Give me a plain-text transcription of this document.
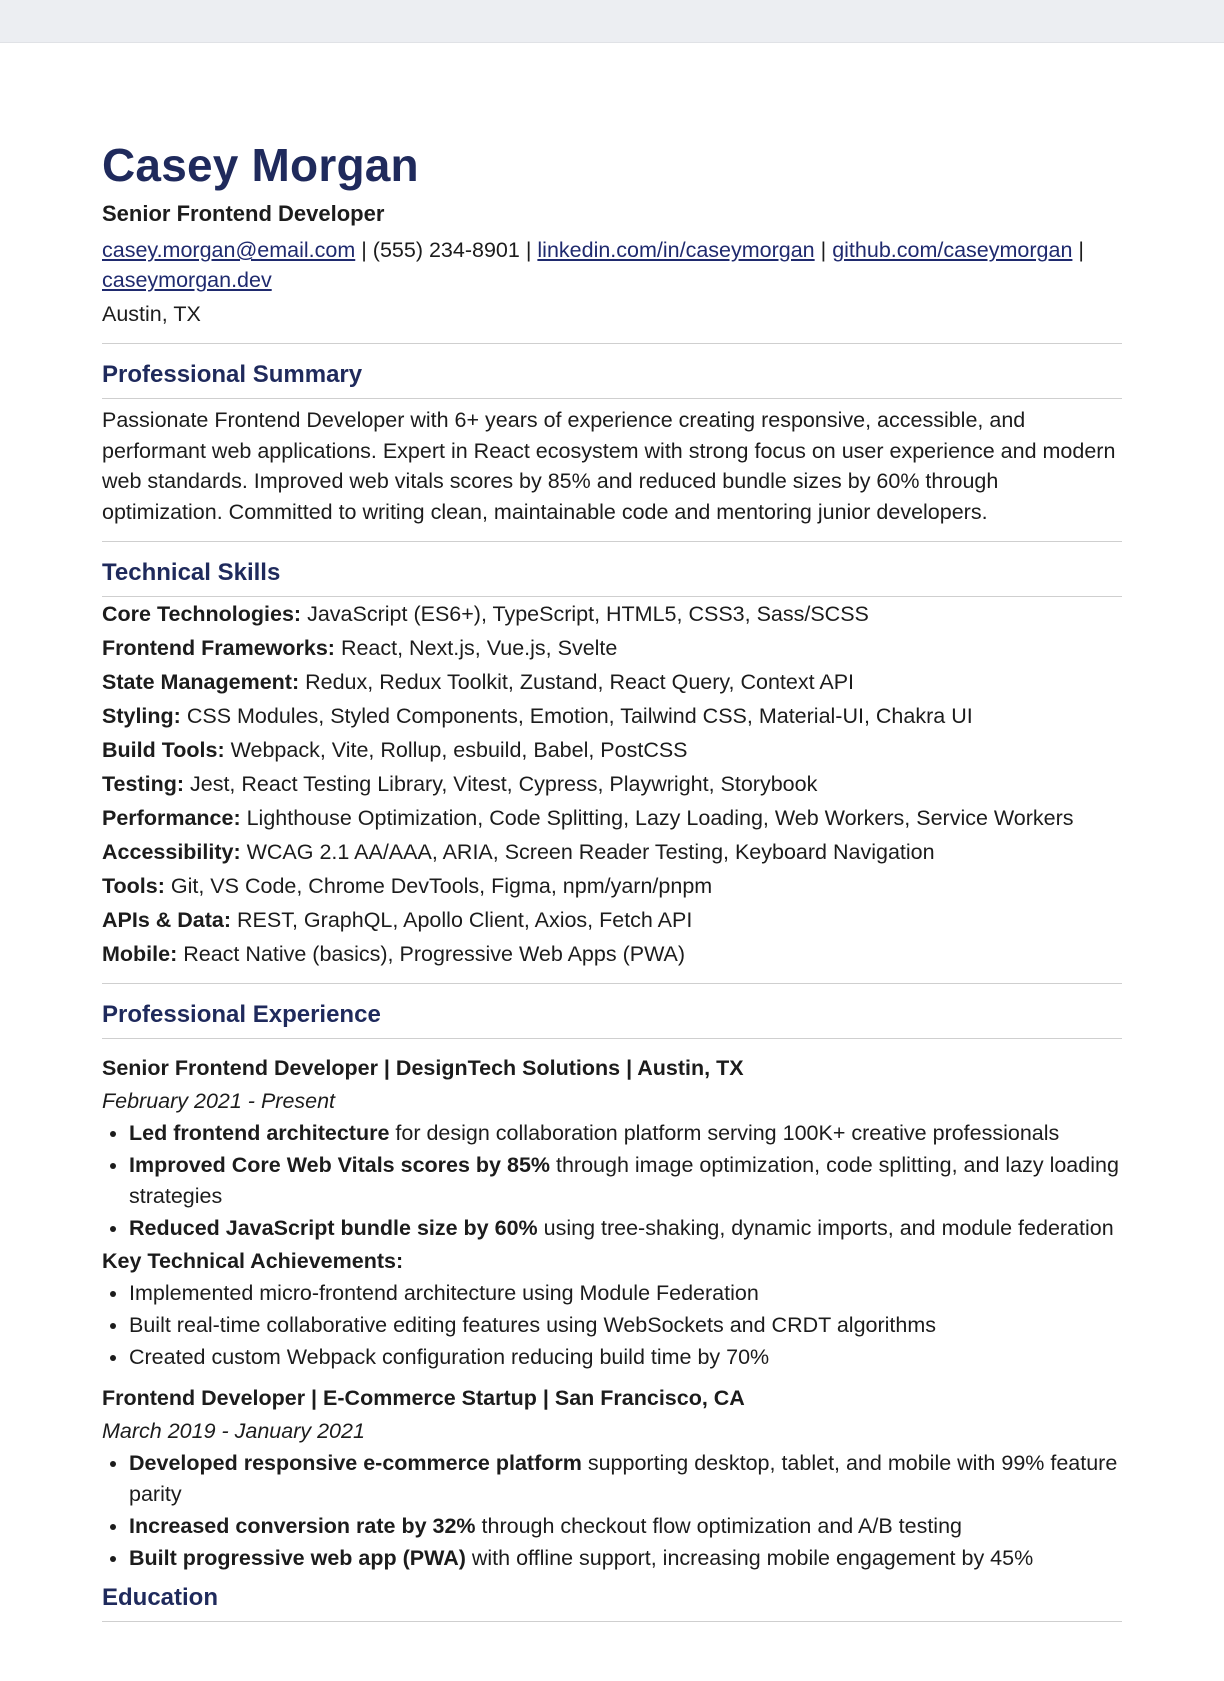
Casey Morgan
Senior Frontend Developer
casey.morgan@email.com | (555) 234-8901 | linkedin.com/in/caseymorgan | github.com/caseymorgan | caseymorgan.dev
Austin, TX
Professional Summary
Passionate Frontend Developer with 6+ years of experience creating responsive, accessible, and performant web applications. Expert in React ecosystem with strong focus on user experience and modern web standards. Improved web vitals scores by 85% and reduced bundle sizes by 60% through optimization. Committed to writing clean, maintainable code and mentoring junior developers.
Technical Skills
Core Technologies: JavaScript (ES6+), TypeScript, HTML5, CSS3, Sass/SCSS
Frontend Frameworks: React, Next.js, Vue.js, Svelte
State Management: Redux, Redux Toolkit, Zustand, React Query, Context API
Styling: CSS Modules, Styled Components, Emotion, Tailwind CSS, Material-UI, Chakra UI
Build Tools: Webpack, Vite, Rollup, esbuild, Babel, PostCSS
Testing: Jest, React Testing Library, Vitest, Cypress, Playwright, Storybook
Performance: Lighthouse Optimization, Code Splitting, Lazy Loading, Web Workers, Service Workers
Accessibility: WCAG 2.1 AA/AAA, ARIA, Screen Reader Testing, Keyboard Navigation
Tools: Git, VS Code, Chrome DevTools, Figma, npm/yarn/pnpm
APIs & Data: REST, GraphQL, Apollo Client, Axios, Fetch API
Mobile: React Native (basics), Progressive Web Apps (PWA)
Professional Experience
Senior Frontend Developer | DesignTech Solutions | Austin, TX
February 2021 - Present
• Led frontend architecture for design collaboration platform serving 100K+ creative professionals
• Improved Core Web Vitals scores by 85% through image optimization, code splitting, and lazy loading strategies
• Reduced JavaScript bundle size by 60% using tree-shaking, dynamic imports, and module federation
Key Technical Achievements:
• Implemented micro-frontend architecture using Module Federation
• Built real-time collaborative editing features using WebSockets and CRDT algorithms
• Created custom Webpack configuration reducing build time by 70%
Frontend Developer | E-Commerce Startup | San Francisco, CA
March 2019 - January 2021
• Developed responsive e-commerce platform supporting desktop, tablet, and mobile with 99% feature parity
• Increased conversion rate by 32% through checkout flow optimization and A/B testing
• Built progressive web app (PWA) with offline support, increasing mobile engagement by 45%
Education
